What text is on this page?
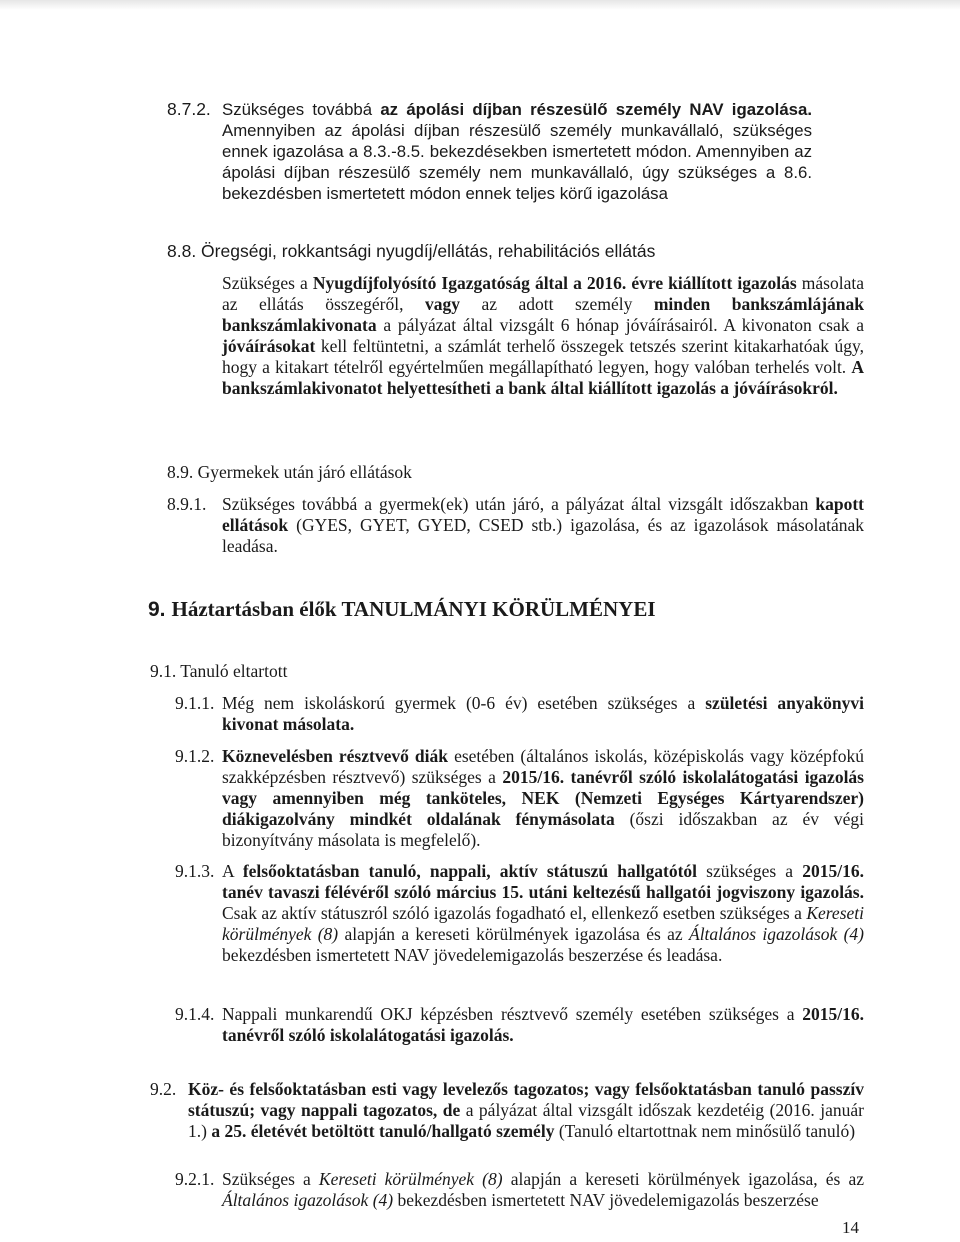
8.7.2. Szükséges továbbá az ápolási díjban részesülő személy NAV igazolása. Amennyiben az ápolási díjban részesülő személy munkavállaló, szükséges ennek igazolása a 8.3.-8.5. bekezdésekben ismertetett módon. Amennyiben az ápolási díjban részesülő személy nem munkavállaló, úgy szükséges a 8.6. bekezdésben ismertetett módon ennek teljes körű igazolása

8.8. Öregségi, rokkantsági nyugdíj/ellátás, rehabilitációs ellátás

Szükséges a Nyugdíjfolyósító Igazgatóság által a 2016. évre kiállított igazolás másolata az ellátás összegéről, vagy az adott személy minden bankszámlájának bankszámlakivonata a pályázat által vizsgált 6 hónap jóváírásairól. A kivonaton csak a jóváírásokat kell feltüntetni, a számlát terhelő összegek tetszés szerint kitakarhatóak úgy, hogy a kitakart tételről egyértelműen megállapítható legyen, hogy valóban terhelés volt. A bankszámlakivonatot helyettesítheti a bank által kiállított igazolás a jóváírásokról.

8.9. Gyermekek után járó ellátások
8.9.1. Szükséges továbbá a gyermek(ek) után járó, a pályázat által vizsgált időszakban kapott ellátások (GYES, GYET, GYED, CSED stb.) igazolása, és az igazolások másolatának leadása.

9. Háztartásban élők TANULMÁNYI KÖRÜLMÉNYEI
9.1. Tanuló eltartott
9.1.1. Még nem iskoláskorú gyermek (0-6 év) esetében szükséges a születési anyakönyvi kivonat másolata.

9.1.2. Köznevelésben résztvevő diák esetében (általános iskolás, középiskolás vagy középfokú szakképzésben résztvevő) szükséges a 2015/16. tanévről szóló iskolalátogatási igazolás vagy amennyiben még tanköteles, NEK (Nemzeti Egységes Kártyarendszer) diákigazolvány mindkét oldalának fénymásolata (őszi időszakban az év végi bizonyítvány másolata is megfelelő).

9.1.3. A felsőoktatásban tanuló, nappali, aktív státuszú hallgatótól szükséges a 2015/16. tanév tavaszi félévéről szóló március 15. utáni keltezésű hallgatói jogviszony igazolás. Csak az aktív státuszról szóló igazolás fogadható el, ellenkező esetben szükséges a Kereseti körülmények (8) alapján a kereseti körülmények igazolása és az Általános igazolások (4) bekezdésben ismertetett NAV jövedelemigazolás beszerzése és leadása.

9.1.4. Nappali munkarendű OKJ képzésben résztvevő személy esetében szükséges a 2015/16. tanévről szóló iskolalátogatási igazolás.

9.2. Köz- és felsőoktatásban esti vagy levelezős tagozatos; vagy felsőoktatásban tanuló passzív státuszú; vagy nappali tagozatos, de a pályázat által vizsgált időszak kezdetéig (2016. január 1.) a 25. életévét betöltött tanuló/hallgató személy (Tanuló eltartottnak nem minősülő tanuló)

9.2.1. Szükséges a Kereseti körülmények (8) alapján a kereseti körülmények igazolása, és az Általános igazolások (4) bekezdésben ismertetett NAV jövedelemigazolás beszerzése

14
